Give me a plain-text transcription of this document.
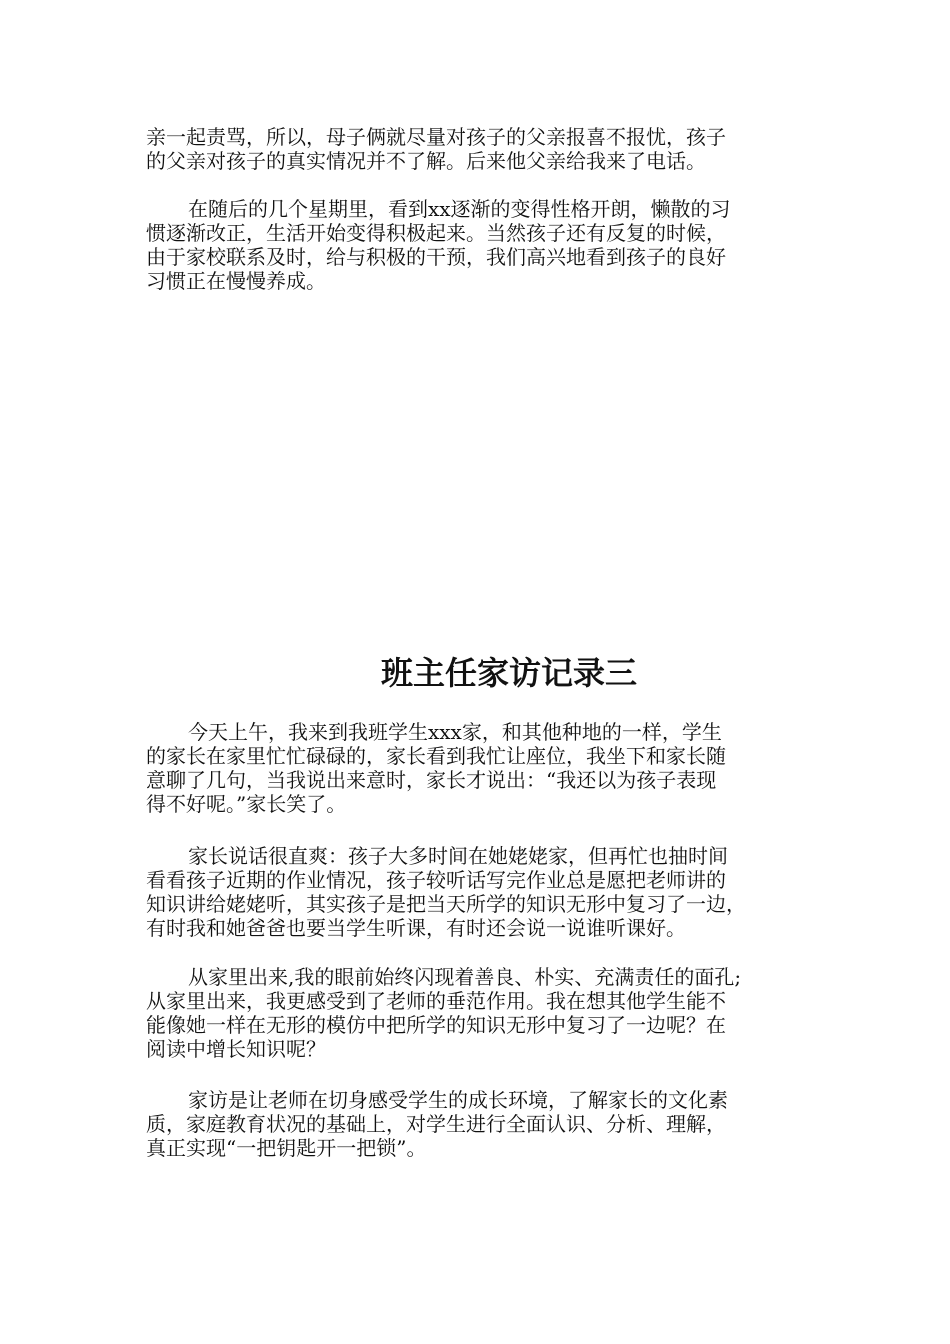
亲一起责骂，所以，母子俩就尽量对孩子的父亲报喜不报忧，孩子
的父亲对孩子的真实情况并不了解。后来他父亲给我来了电话。

在随后的几个星期里，看到xx逐渐的变得性格开朗，懒散的习
惯逐渐改正，生活开始变得积极起来。当然孩子还有反复的时候，
由于家校联系及时，给与积极的干预，我们高兴地看到孩子的良好
习惯正在慢慢养成。

班主任家访记录三

今天上午，我来到我班学生xxx家，和其他种地的一样，学生
的家长在家里忙忙碌碌的，家长看到我忙让座位，我坐下和家长随
意聊了几句，当我说出来意时，家长才说出：“我还以为孩子表现
得不好呢。”家长笑了。

家长说话很直爽：孩子大多时间在她姥姥家，但再忙也抽时间
看看孩子近期的作业情况，孩子较听话写完作业总是愿把老师讲的
知识讲给姥姥听，其实孩子是把当天所学的知识无形中复习了一边，
有时我和她爸爸也要当学生听课，有时还会说一说谁听课好。

从家里出来,我的眼前始终闪现着善良、朴实、充满责任的面孔;
从家里出来，我更感受到了老师的垂范作用。我在想其他学生能不
能像她一样在无形的模仿中把所学的知识无形中复习了一边呢？在
阅读中增长知识呢？

家访是让老师在切身感受学生的成长环境，了解家长的文化素
质，家庭教育状况的基础上，对学生进行全面认识、分析、理解，
真正实现“一把钥匙开一把锁”。
